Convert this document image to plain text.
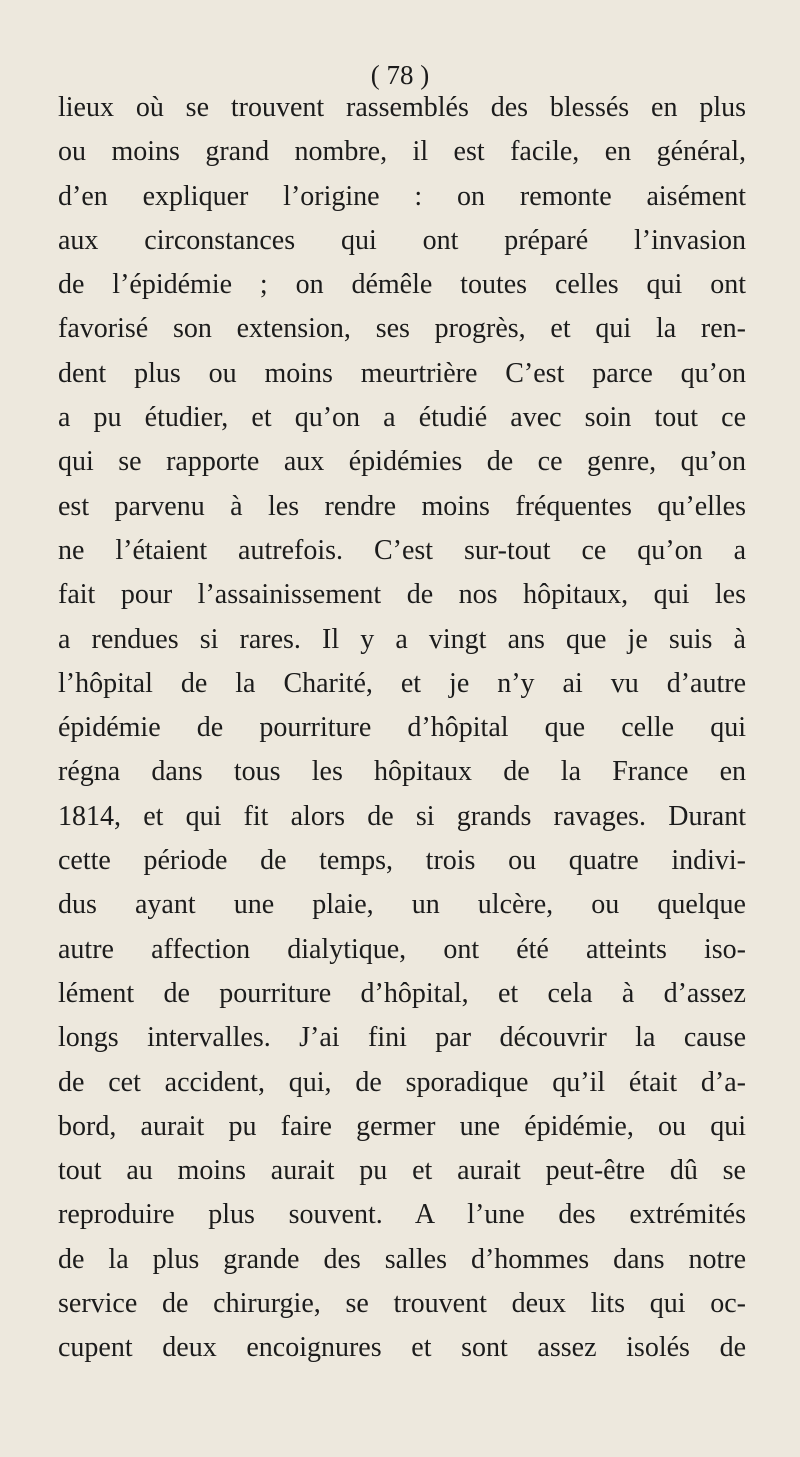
( 78 )
lieux où se trouvent rassemblés des blessés en plus
ou moins grand nombre, il est facile, en général,
d’en expliquer l’origine : on remonte aisément
aux circonstances qui ont préparé l’invasion
de l’épidémie ; on démêle toutes celles qui ont
favorisé son extension, ses progrès, et qui la ren-
dent plus ou moins meurtrière C’est parce qu’on
a pu étudier, et qu’on a étudié avec soin tout ce
qui se rapporte aux épidémies de ce genre, qu’on
est parvenu à les rendre moins fréquentes qu’elles
ne l’étaient autrefois. C’est sur-tout ce qu’on a
fait pour l’assainissement de nos hôpitaux, qui les
a rendues si rares. Il y a vingt ans que je suis à
l’hôpital de la Charité, et je n’y ai vu d’autre
épidémie de pourriture d’hôpital que celle qui
régna dans tous les hôpitaux de la France en
1814, et qui fit alors de si grands ravages. Durant
cette période de temps, trois ou quatre indivi-
dus ayant une plaie, un ulcère, ou quelque
autre affection dialytique, ont été atteints iso-
lément de pourriture d’hôpital, et cela à d’assez
longs intervalles. J’ai fini par découvrir la cause
de cet accident, qui, de sporadique qu’il était d’a-
bord, aurait pu faire germer une épidémie, ou qui
tout au moins aurait pu et aurait peut-être dû se
reproduire plus souvent. A l’une des extrémités
de la plus grande des salles d’hommes dans notre
service de chirurgie, se trouvent deux lits qui oc-
cupent deux encoignures et sont assez isolés de
